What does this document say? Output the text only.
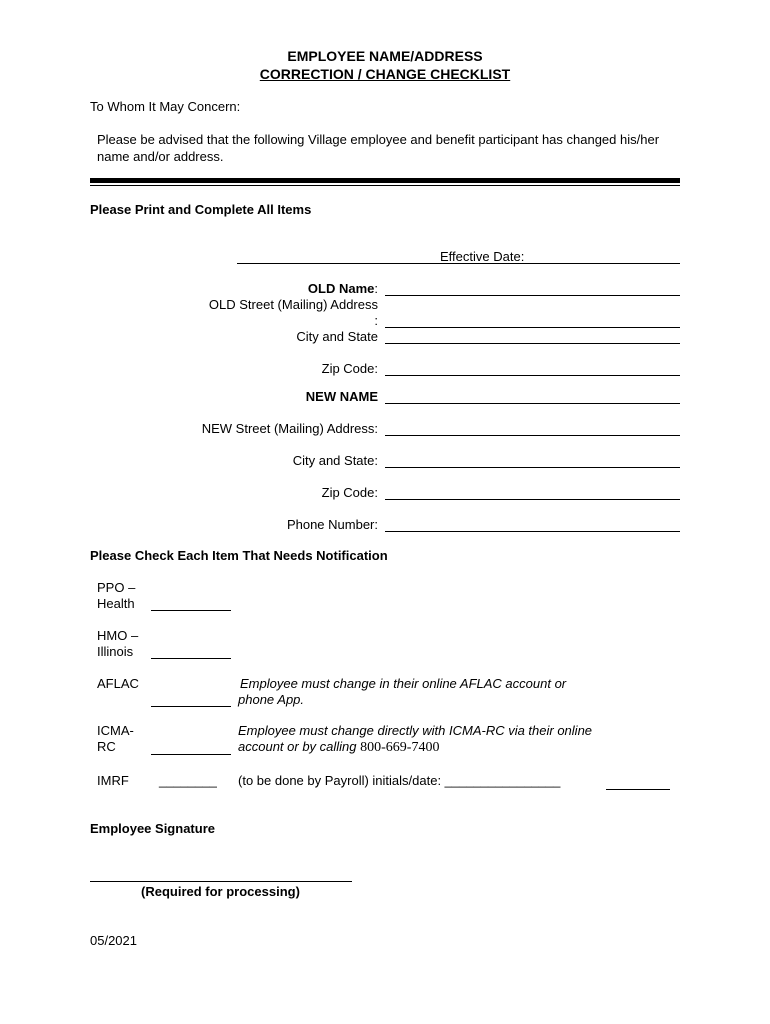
EMPLOYEE NAME/ADDRESS
CORRECTION / CHANGE CHECKLIST
To Whom It May Concern:
Please be advised that the following Village employee and benefit participant has changed his/her
name and/or address.
Please Print and Complete All Items
Effective Date:
OLD Name:
OLD Street (Mailing) Address
:
City and State
Zip Code:
NEW NAME
NEW Street (Mailing) Address:
City and State:
Zip Code:
Phone Number:
Please Check Each Item That Needs Notification
PPO –
Health
HMO –
Illinois
AFLAC	Employee must change in their online AFLAC account or
phone App.
ICMA-
RC
Employee must change directly with ICMA-RC via their online
account or by calling 800-669-7400
IMRF ________ (to be done by Payroll) initials/date: ________________
Employee Signature
(Required for processing)
05/2021
